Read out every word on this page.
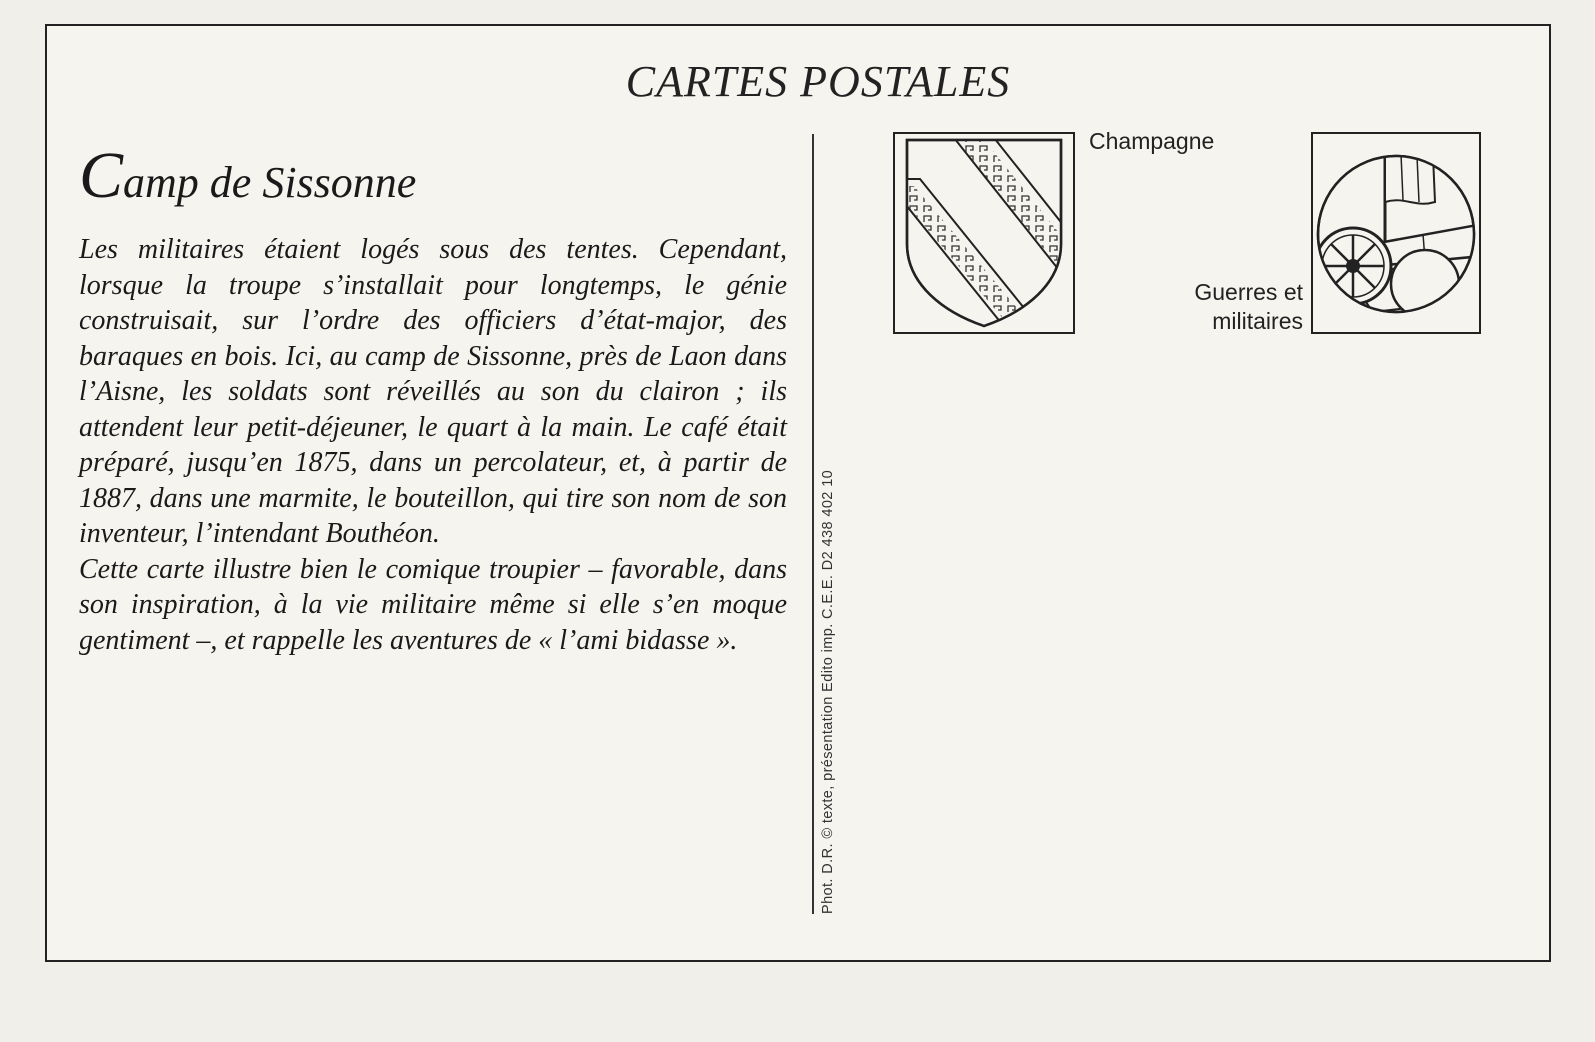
CARTES POSTALES
Camp de Sissonne

Les militaires étaient logés sous des tentes. Cependant, lorsque la troupe s’installait pour longtemps, le génie construisait, sur l’ordre des officiers d’état-major, des baraques en bois. Ici, au camp de Sissonne, près de Laon dans l’Aisne, les soldats sont réveillés au son du clairon ; ils attendent leur petit-déjeuner, le quart à la main. Le café était préparé, jusqu’en 1875, dans un percolateur, et, à partir de 1887, dans une marmite, le bouteillon, qui tire son nom de son inventeur, l’intendant Bouthéon.

Cette carte illustre bien le comique troupier – favorable, dans son inspiration, à la vie militaire même si elle s’en moque gentiment –, et rappelle les aventures de « l’ami bidasse ».	Phot. D.R. © texte, présentation Edito imp. C.E.E. D2 438 402 10
Champagne
Guerres et
militaires
